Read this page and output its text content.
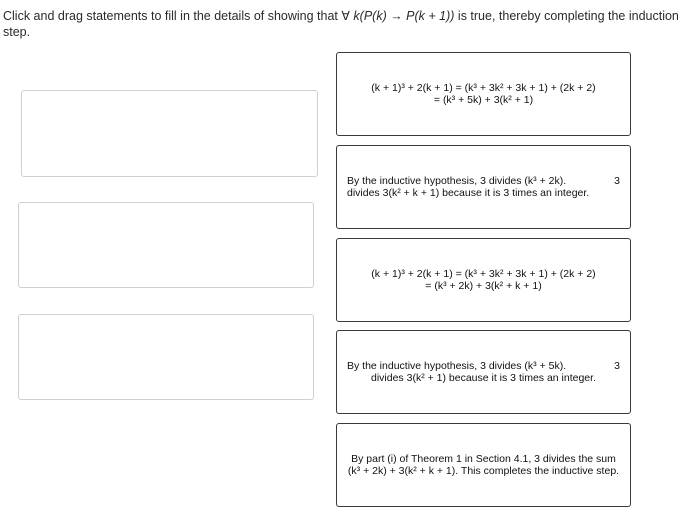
Click and drag statements to fill in the details of showing that ∀ k(P(k) → P(k + 1)) is true, thereby completing the induction step.
(k + 1)³ + 2(k + 1) = (k³ + 3k² + 3k + 1) + (2k + 2)
= (k³ + 5k) + 3(k² + 1)
By the inductive hypothesis, 3 divides (k³ + 2k).	3
divides 3(k² + k + 1) because it is 3 times an integer.
(k + 1)³ + 2(k + 1) = (k³ + 3k² + 3k + 1) + (2k + 2)
= (k³ + 2k) + 3(k² + k + 1)
By the inductive hypothesis, 3 divides (k³ + 5k).	3
divides 3(k² + 1) because it is 3 times an integer.
By part (i) of Theorem 1 in Section 4.1, 3 divides the sum (k³ + 2k) + 3(k² + k + 1). This completes the inductive step.
